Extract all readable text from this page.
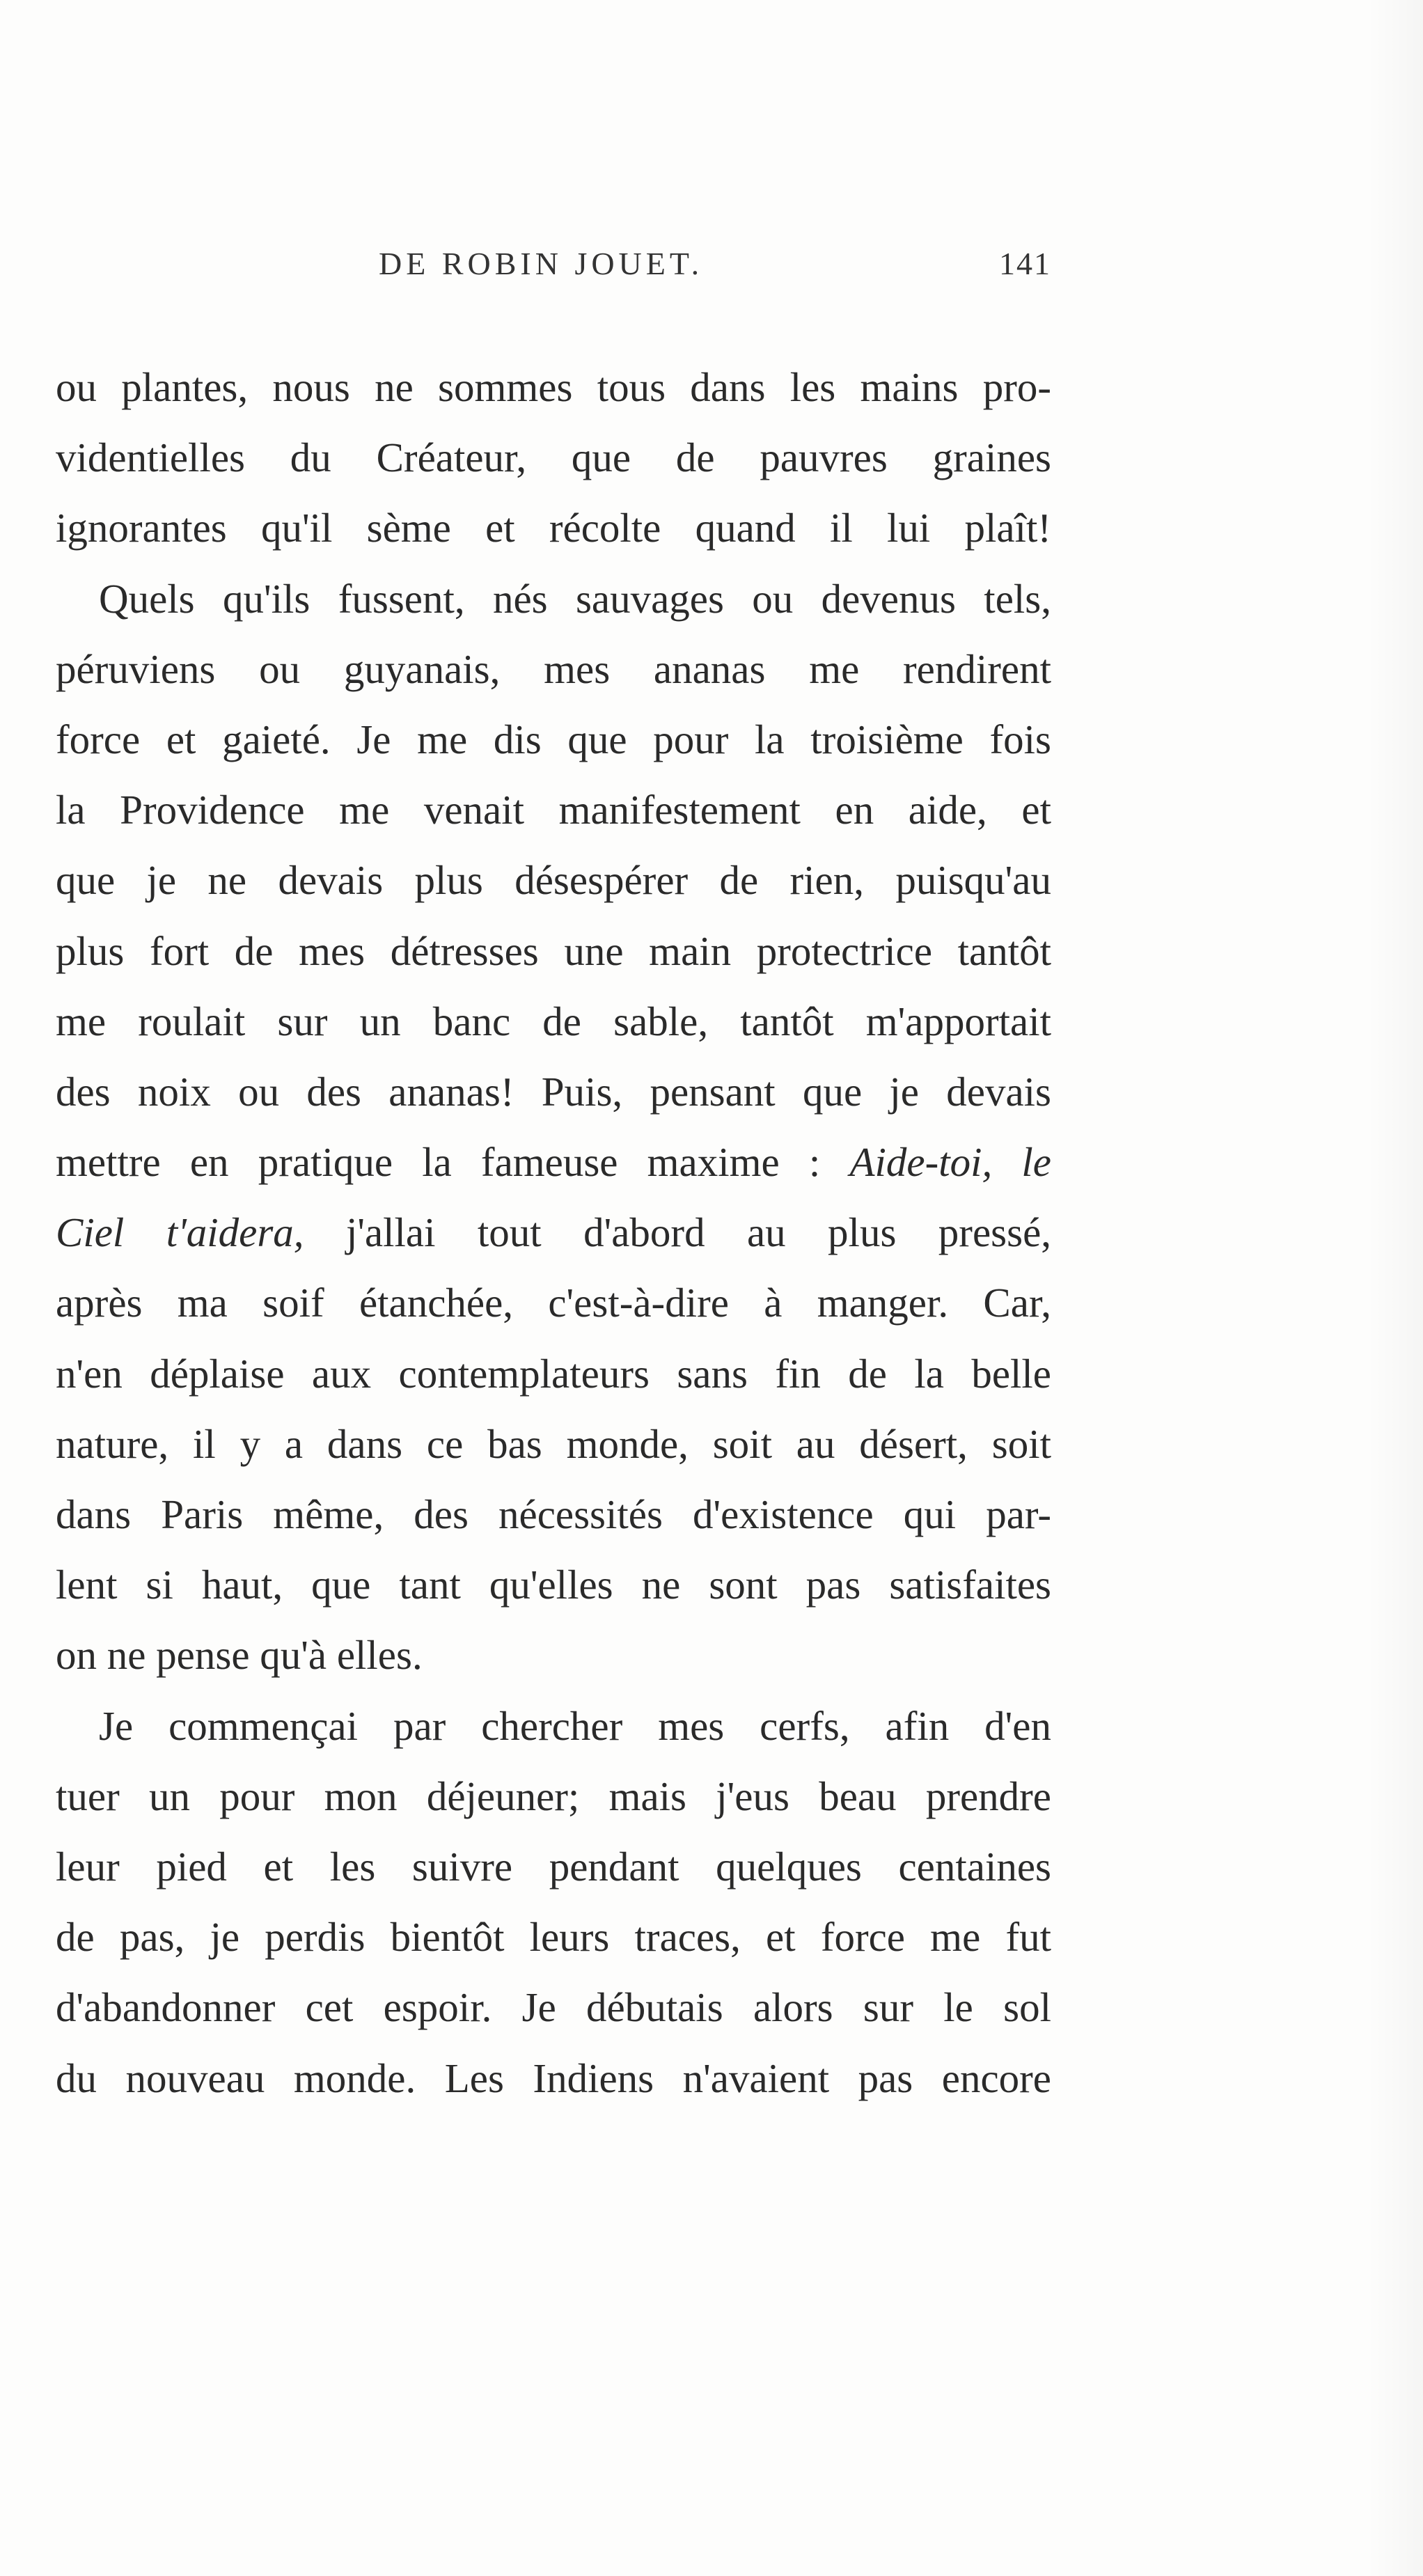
DE ROBIN JOUET.	141
ou plantes, nous ne sommes tous dans les mains pro-
videntielles du Créateur, que de pauvres graines
ignorantes qu'il sème et récolte quand il lui plaît!
Quels qu'ils fussent, nés sauvages ou devenus tels,
péruviens ou guyanais, mes ananas me rendirent
force et gaieté. Je me dis que pour la troisième fois
la Providence me venait manifestement en aide, et
que je ne devais plus désespérer de rien, puisqu'au
plus fort de mes détresses une main protectrice tantôt
me roulait sur un banc de sable, tantôt m'apportait
des noix ou des ananas! Puis, pensant que je devais
mettre en pratique la fameuse maxime : Aide-toi, le
Ciel t'aidera, j'allai tout d'abord au plus pressé,
après ma soif étanchée, c'est-à-dire à manger. Car,
n'en déplaise aux contemplateurs sans fin de la belle
nature, il y a dans ce bas monde, soit au désert, soit
dans Paris même, des nécessités d'existence qui par-
lent si haut, que tant qu'elles ne sont pas satisfaites
on ne pense qu'à elles.
Je commençai par chercher mes cerfs, afin d'en
tuer un pour mon déjeuner; mais j'eus beau prendre
leur pied et les suivre pendant quelques centaines
de pas, je perdis bientôt leurs traces, et force me fut
d'abandonner cet espoir. Je débutais alors sur le sol
du nouveau monde. Les Indiens n'avaient pas encore
